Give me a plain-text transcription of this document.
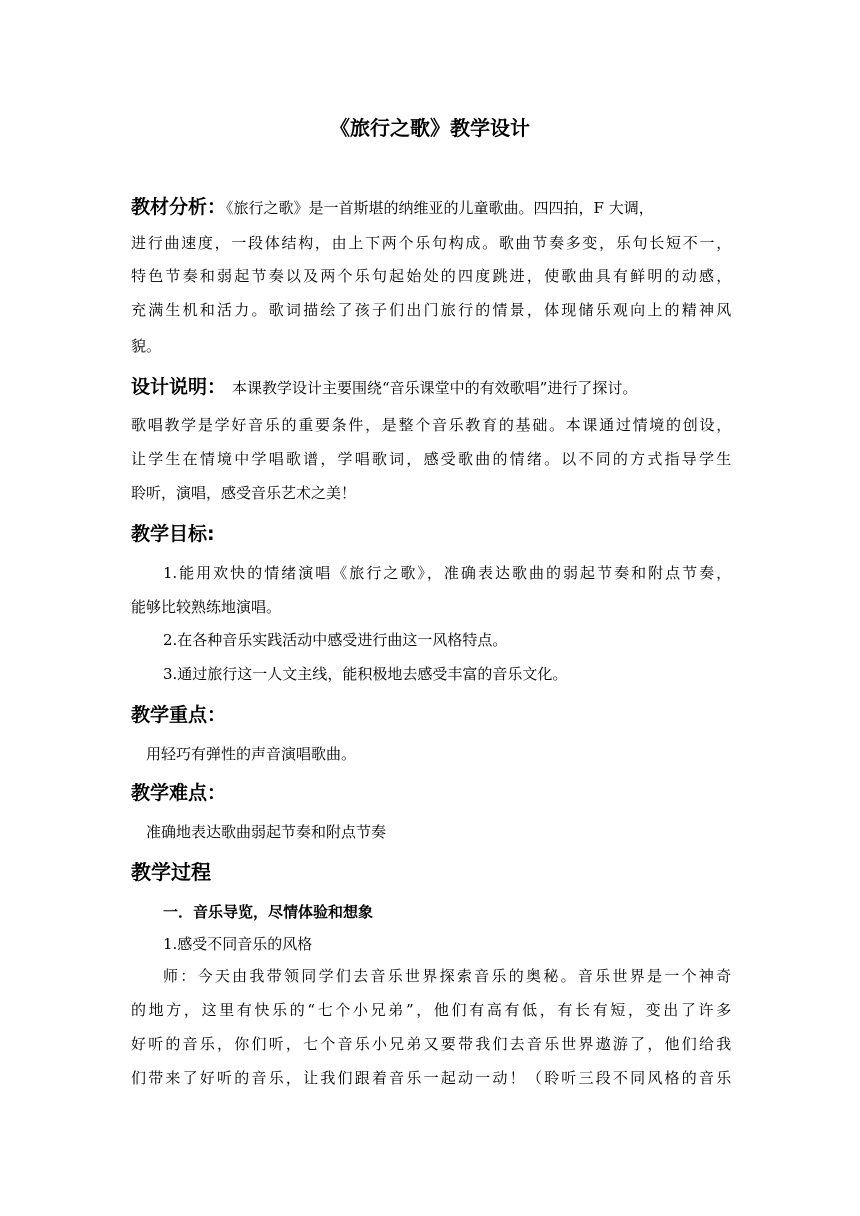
《旅行之歌》教学设计
教材分析：《旅行之歌》是一首斯堪的纳维亚的儿童歌曲。四四拍，F 大调，
进行曲速度，一段体结构，由上下两个乐句构成。歌曲节奏多变，乐句长短不一，
特色节奏和弱起节奏以及两个乐句起始处的四度跳进，使歌曲具有鲜明的动感，
充满生机和活力。歌词描绘了孩子们出门旅行的情景，体现储乐观向上的精神风
貌。
设计说明： 本课教学设计主要围绕“音乐课堂中的有效歌唱”进行了探讨。
歌唱教学是学好音乐的重要条件，是整个音乐教育的基础。本课通过情境的创设，
让学生在情境中学唱歌谱，学唱歌词，感受歌曲的情绪。以不同的方式指导学生
聆听，演唱，感受音乐艺术之美！
教学目标:
1.能用欢快的情绪演唱《旅行之歌》，准确表达歌曲的弱起节奏和附点节奏，
能够比较熟练地演唱。
2.在各种音乐实践活动中感受进行曲这一风格特点。
3.通过旅行这一人文主线，能积极地去感受丰富的音乐文化。
教学重点：
用轻巧有弹性的声音演唱歌曲。
教学难点：
准确地表达歌曲弱起节奏和附点节奏
教学过程
一．音乐导览，尽情体验和想象
1.感受不同音乐的风格
师：今天由我带领同学们去音乐世界探索音乐的奥秘。音乐世界是一个神奇
的地方，这里有快乐的“七个小兄弟”，他们有高有低，有长有短，变出了许多
好听的音乐，你们听，七个音乐小兄弟又要带我们去音乐世界遨游了，他们给我
们带来了好听的音乐，让我们跟着音乐一起动一动！（聆听三段不同风格的音乐
